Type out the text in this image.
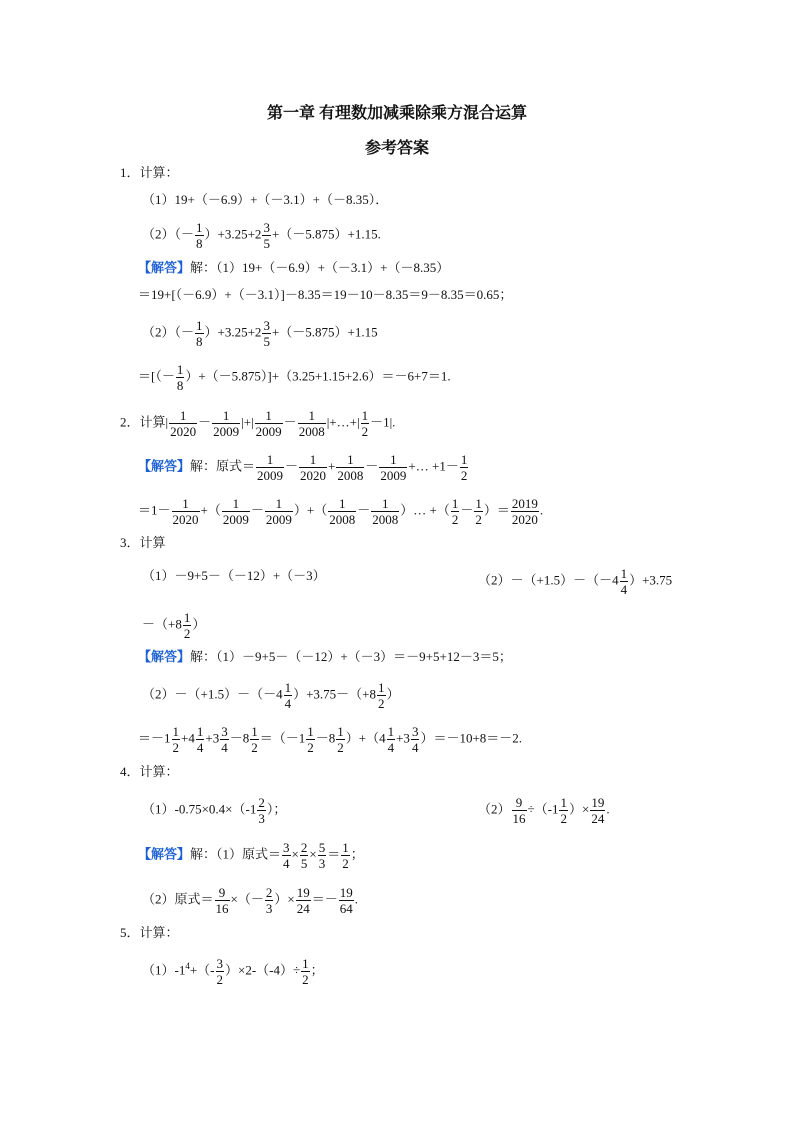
第一章 有理数加减乘除乘方混合运算
参考答案
1．计算：
（1）19+（－6.9）+（－3.1）+（－8.35）．
$(2)(- \frac{1}{8} )+3.25+2 \frac{3}{5} +(-5.875)+1.15$.
【解答】解：（1）19+（－6.9）+（－3.1）+（－8.35）
＝19+[（－6.9）+（－3.1）]－8.35＝19－10－8.35＝9－8.35＝0.65；
$(2)(- \frac{1}{8} )+3.25+2 \frac{3}{5} +(-5.875)+1.15$
＝[（－ $\frac{1}{8} )+(-5.875)]+(3.25+1.15+2.6)=-6+7=1$.
2．计算| $\frac{1}{2020} - \frac{1}{2009}$ |+| $\frac{1}{2009} - \frac{1}{2008}$ |+…+| $\frac{1}{2} -1|$.
【解答】解：原式＝ $\frac{1}{2009} - \frac{1}{2020} + \frac{1}{2008} - \frac{1}{2009}$ +… $+1- \frac{1}{2}$
$=1- \frac{1}{2020}$ +（ $\frac{1}{2009} - \frac{1}{2009}$ ）+（ $\frac{1}{2008} - \frac{1}{2008}$ ）… +（ $\frac{1}{2} - \frac{1}{2}$ ）＝ $\frac{2019}{2020}$ .
3．计算
（1）－9+5－（－12）+（－3）	$(2)-(+1.5)-(-4 \frac{1}{4} )+3.75$
$-(+8 \frac{1}{2}$ ）
【解答】解：（1）－9+5－（－12）+（－3）＝－9+5+12－3＝5；
$(2)-(+1.5)-(-4 \frac{1}{4} )+3.75-(+8 \frac{1}{2}$ ）
$=-1 \frac{1}{2} +4 \frac{1}{4} +3 \frac{3}{4} -8 \frac{1}{2} =(-1 \frac{1}{2} -8 \frac{1}{2} )+(4 \frac{1}{4} +3 \frac{3}{4} )=-10+8=-2$.
4．计算：
$(1)-0.75\times 0.4\times(-1 \frac{2}{3}$ ）；	$(2) \frac{9}{16} \div(-1 \frac{1}{2}$ ）× $\frac{19}{24}$ .
【解答】解：（1）原式＝ $\frac{3}{4} \times \frac{2}{5} \times \frac{5}{3} = \frac{1}{2}$ ；
（2）原式＝ $\frac{9}{16}$ ×（－ $\frac{2}{3}$ ）× $\frac{19}{24} =- \frac{19}{64}$ .
5．计算：
$(1)-1^4+(- \frac{3}{2} )\times 2-(-4)\div \frac{1}{2}$ ；
